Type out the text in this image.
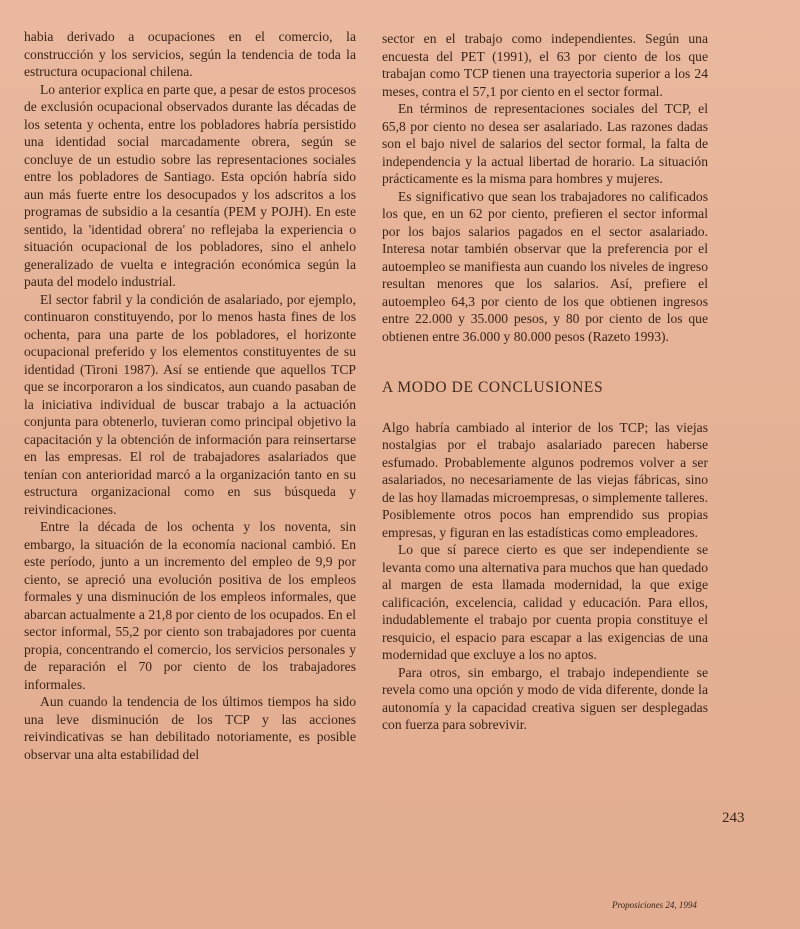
habia derivado a ocupaciones en el comercio, la construcción y los servicios, según la tendencia de toda la estructura ocupacional chilena.

Lo anterior explica en parte que, a pesar de estos procesos de exclusión ocupacional observados durante las décadas de los setenta y ochenta, entre los pobladores habría persistido una identidad social marcadamente obrera, según se concluye de un estudio sobre las representaciones sociales entre los pobladores de Santiago. Esta opción habría sido aun más fuerte entre los desocupados y los adscritos a los programas de subsidio a la cesantía (PEM y POJH). En este sentido, la 'identidad obrera' no reflejaba la experiencia o situación ocupacional de los pobladores, sino el anhelo generalizado de vuelta e integración económica según la pauta del modelo industrial.

El sector fabril y la condición de asalariado, por ejemplo, continuaron constituyendo, por lo menos hasta fines de los ochenta, para una parte de los pobladores, el horizonte ocupacional preferido y los elementos constituyentes de su identidad (Tironi 1987). Así se entiende que aquellos TCP que se incorporaron a los sindicatos, aun cuando pasaban de la iniciativa individual de buscar trabajo a la actuación conjunta para obtenerlo, tuvieran como principal objetivo la capacitación y la obtención de información para reinsertarse en las empresas. El rol de trabajadores asalariados que tenían con anterioridad marcó a la organización tanto en su estructura organizacional como en sus búsqueda y reivindicaciones.

Entre la década de los ochenta y los noventa, sin embargo, la situación de la economía nacional cambió. En este período, junto a un incremento del empleo de 9,9 por ciento, se apreció una evolución positiva de los empleos formales y una disminución de los empleos informales, que abarcan actualmente a 21,8 por ciento de los ocupados. En el sector informal, 55,2 por ciento son trabajadores por cuenta propia, concentrando el comercio, los servicios personales y de reparación el 70 por ciento de los trabajadores informales.

Aun cuando la tendencia de los últimos tiempos ha sido una leve disminución de los TCP y las acciones reivindicativas se han debilitado notoriamente, es posible observar una alta estabilidad del

sector en el trabajo como independientes. Según una encuesta del PET (1991), el 63 por ciento de los que trabajan como TCP tienen una trayectoria superior a los 24 meses, contra el 57,1 por ciento en el sector formal.

En términos de representaciones sociales del TCP, el 65,8 por ciento no desea ser asalariado. Las razones dadas son el bajo nivel de salarios del sector formal, la falta de independencia y la actual libertad de horario. La situación prácticamente es la misma para hombres y mujeres.

Es significativo que sean los trabajadores no calificados los que, en un 62 por ciento, prefieren el sector informal por los bajos salarios pagados en el sector asalariado. Interesa notar también observar que la preferencia por el autoempleo se manifiesta aun cuando los niveles de ingreso resultan menores que los salarios. Así, prefiere el autoempleo 64,3 por ciento de los que obtienen ingresos entre 22.000 y 35.000 pesos, y 80 por ciento de los que obtienen entre 36.000 y 80.000 pesos (Razeto 1993).

A MODO DE CONCLUSIONES

Algo habría cambiado al interior de los TCP; las viejas nostalgias por el trabajo asalariado parecen haberse esfumado. Probablemente algunos podremos volver a ser asalariados, no necesariamente de las viejas fábricas, sino de las hoy llamadas microempresas, o simplemente talleres. Posiblemente otros pocos han emprendido sus propias empresas, y figuran en las estadísticas como empleadores.

Lo que sí parece cierto es que ser independiente se levanta como una alternativa para muchos que han quedado al margen de esta llamada modernidad, la que exige calificación, excelencia, calidad y educación. Para ellos, indudablemente el trabajo por cuenta propia constituye el resquicio, el espacio para escapar a las exigencias de una modernidad que excluye a los no aptos.

Para otros, sin embargo, el trabajo independiente se revela como una opción y modo de vida diferente, donde la autonomía y la capacidad creativa siguen ser desplegadas con fuerza para sobrevivir.

243
Proposiciones 24, 1994
